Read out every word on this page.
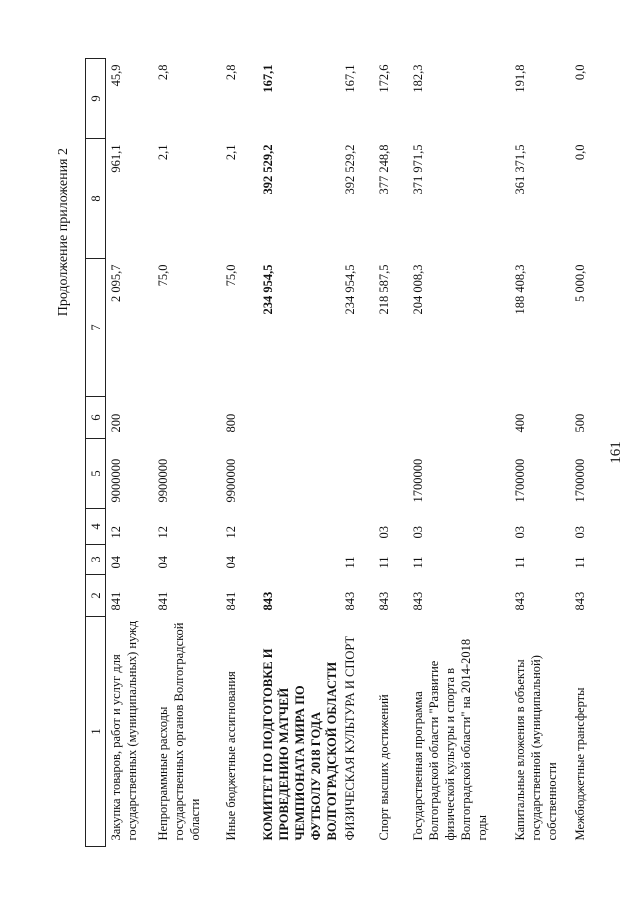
Продолжение приложения 2
1	2	3	4	5	6	7	8	9
Закупка товаров, работ и услуг для государственных (муниципальных) нужд	841	04	12	9000000	200	2 095,7	961,1	45,9
Непрограммные расходы государственных органов Волгоградской области	841	04	12	9900000		75,0	2,1	2,8
Иные бюджетные ассигнования	841	04	12	9900000	800	75,0	2,1	2,8
КОМИТЕТ ПО ПОДГОТОВКЕ И ПРОВЕДЕНИЮ МАТЧЕЙ ЧЕМПИОНАТА МИРА ПО ФУТБОЛУ 2018 ГОДА ВОЛГОГРАДСКОЙ ОБЛАСТИ	843					234 954,5	392 529,2	167,1
ФИЗИЧЕСКАЯ КУЛЬТУРА И СПОРТ	843	11				234 954,5	392 529,2	167,1
Спорт высших достижений	843	11	03			218 587,5	377 248,8	172,6
Государственная программа Волгоградской области "Развитие физической культуры и спорта в Волгоградской области" на 2014-2018 годы	843	11	03	1700000		204 008,3	371 971,5	182,3
Капитальные вложения в объекты государственной (муниципальной) собственности	843	11	03	1700000	400	188 408,3	361 371,5	191,8
Межбюджетные трансферты	843	11	03	1700000	500	5 000,0	0,0	0,0
161
